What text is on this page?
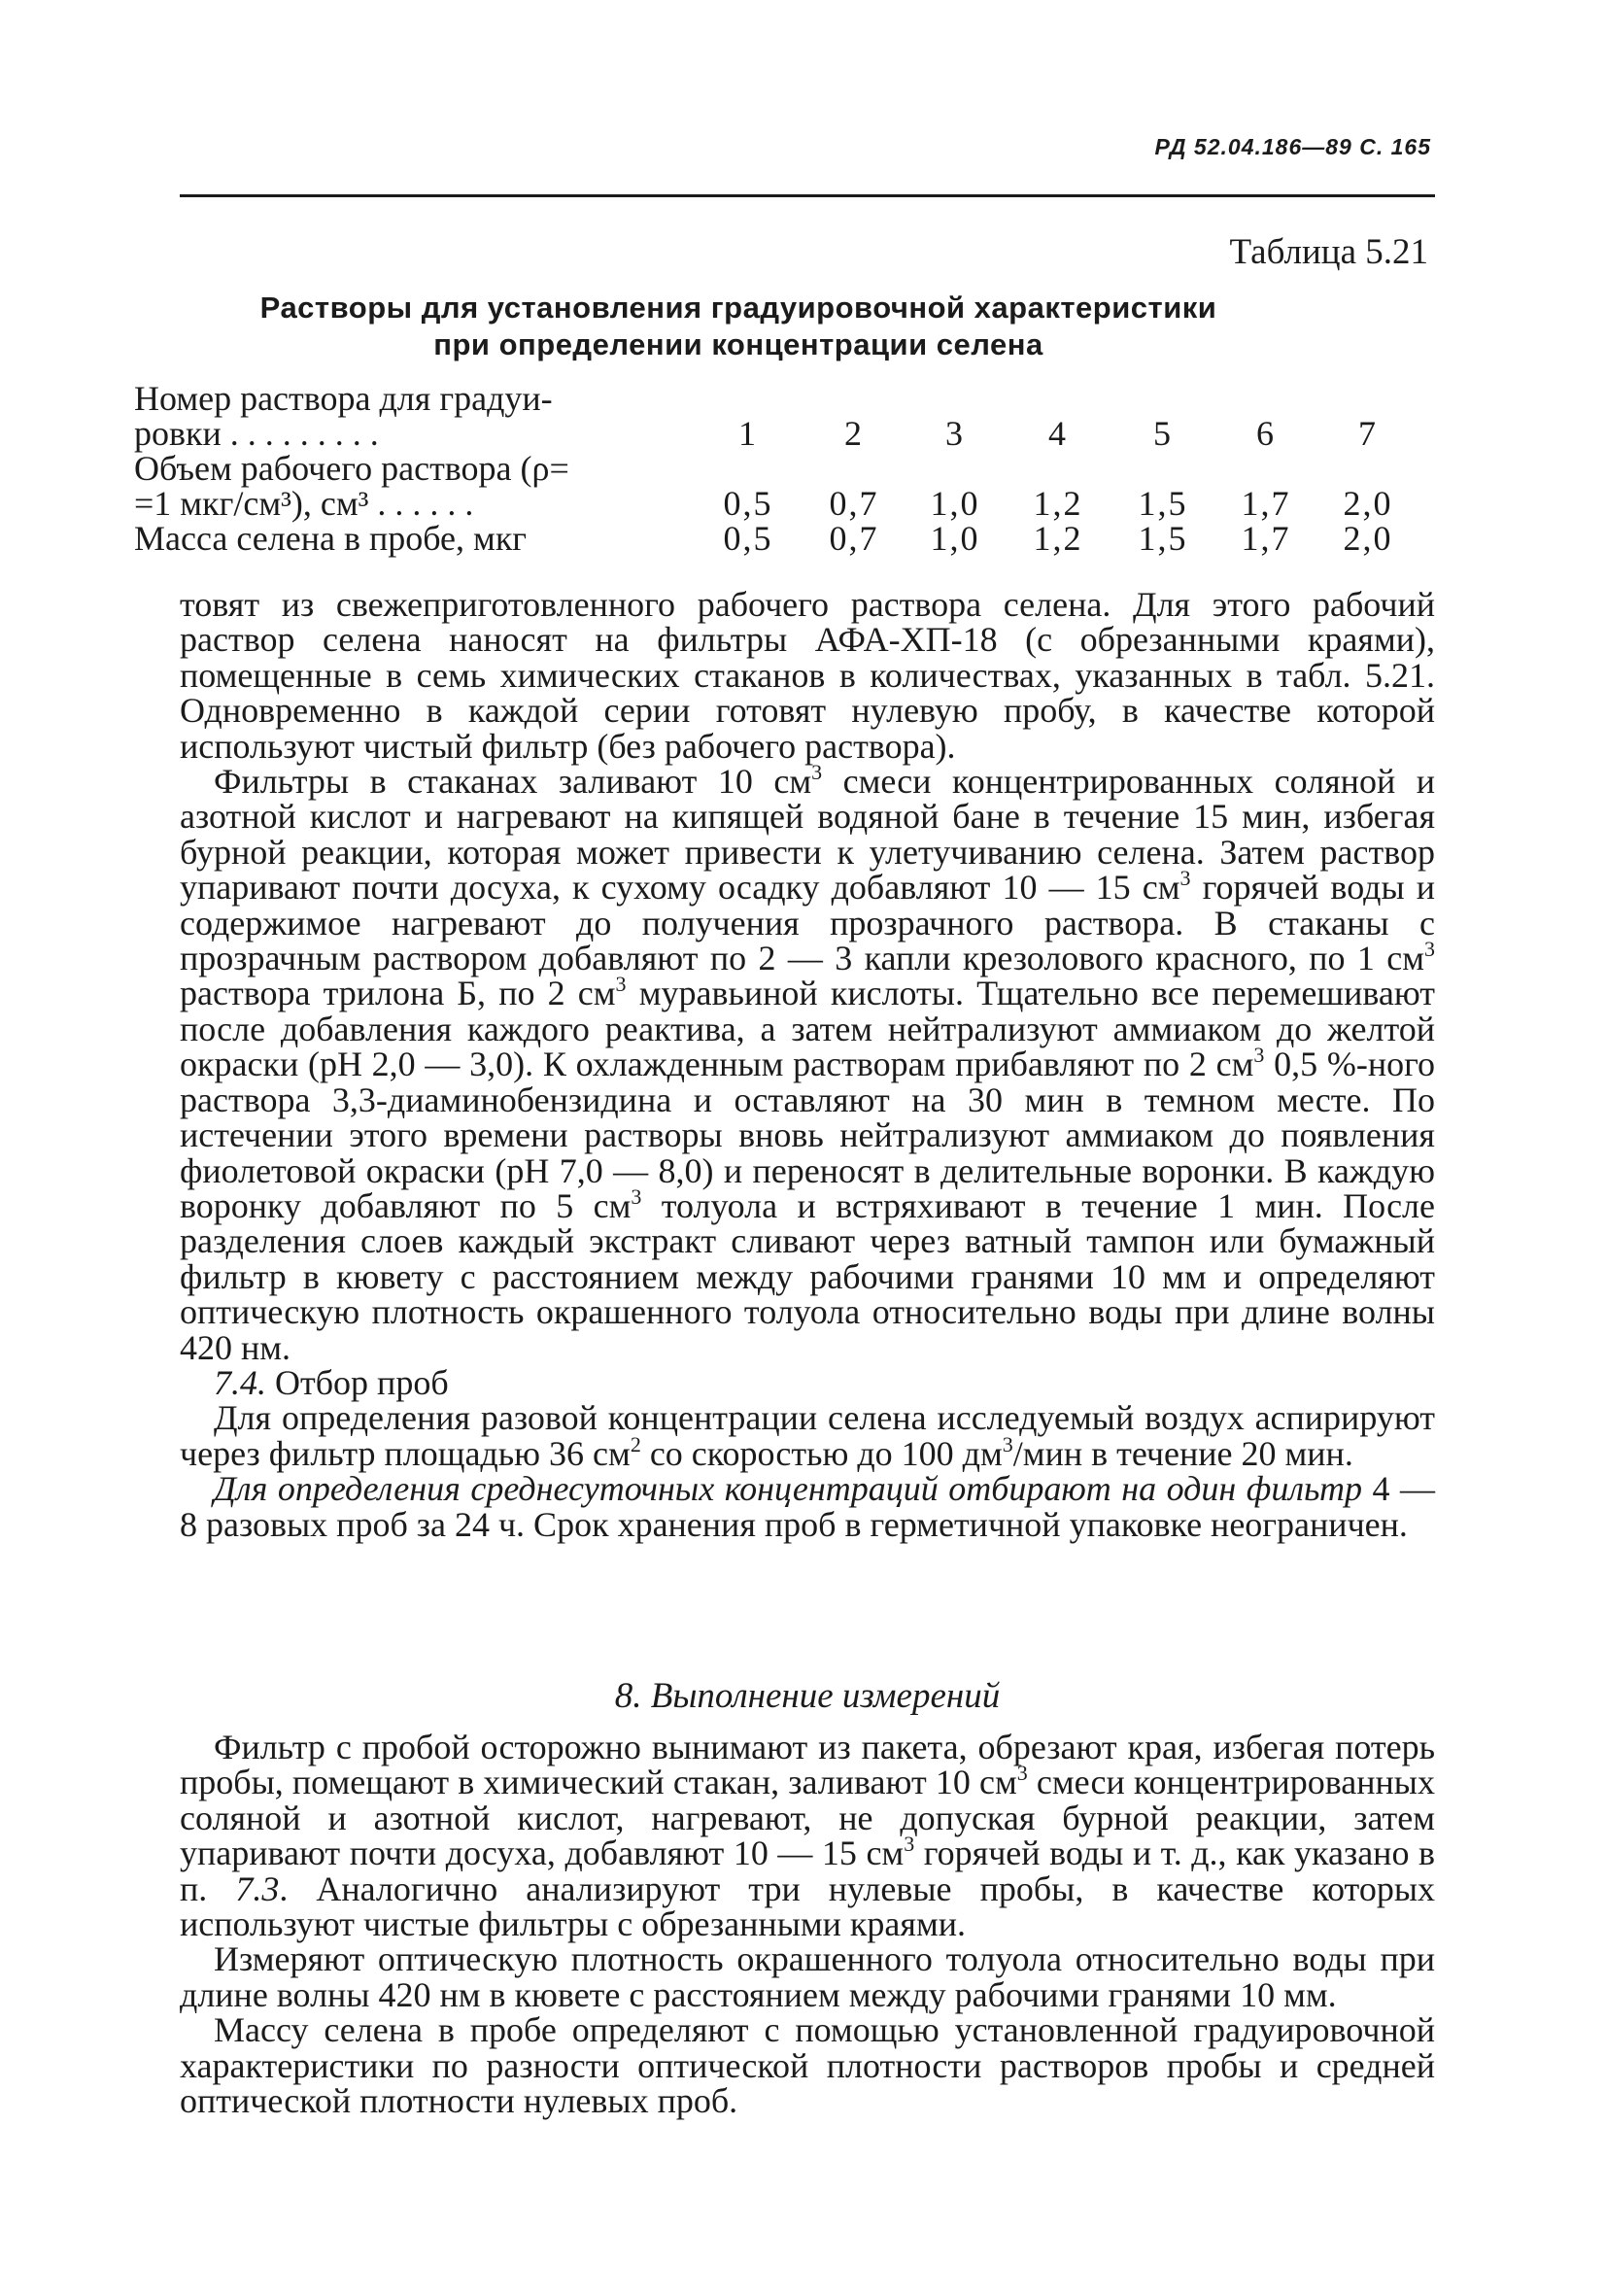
РД 52.04.186—89 С. 165
Таблица 5.21
Растворы для установления градуировочной характеристики
при определении концентрации селена
Номер раствора для градуи-
ровки . . . . . . . . .	1	2	3	4	5	6	7
Объем рабочего раствора (ρ=
=1 мкг/см³), см³ . . . . . .	0,5	0,7	1,0	1,2	1,5	1,7	2,0
Масса селена в пробе, мкг	0,5	0,7	1,0	1,2	1,5	1,7	2,0

товят из свежеприготовленного рабочего раствора селена. Для этого рабочий раствор селена наносят на фильтры АФА-ХП-18 (с обрезанными краями), помещенные в семь химических стаканов в количествах, указанных в табл. 5.21. Одновременно в каждой серии готовят нулевую пробу, в качестве которой используют чистый фильтр (без рабочего раствора).

Фильтры в стаканах заливают 10 $см^3$ смеси концентрированных соляной и азотной кислот и нагревают на кипящей водяной бане в течение 15 мин, избегая бурной реакции, которая может привести к улетучиванию селена. Затем раствор упаривают почти досуха, к сухому осадку добавляют 10 — 15 $см^3$ горячей воды и содержимое нагревают до получения прозрачного раствора. В стаканы с прозрачным раствором добавляют по 2 — 3 капли крезолового красного, по 1 $см^3$ раствора трилона Б, по 2 $см^3$ муравьиной кислоты. Тщательно все перемешивают после добавления каждого реактива, а затем нейтрализуют аммиаком до желтой окраски (рН 2,0 — 3,0). К охлажденным растворам прибавляют по 2 $см^3$ 0,5 %-ного раствора 3,3-диаминобензидина и оставляют на 30 мин в темном месте. По истечении этого времени растворы вновь нейтрализуют аммиаком до появления фиолетовой окраски (рН 7,0 — 8,0) и переносят в делительные воронки. В каждую воронку добавляют по 5 $см^3$ толуола и встряхивают в течение 1 мин. После разделения слоев каждый экстракт сливают через ватный тампон или бумажный фильтр в кювету с расстоянием между рабочими гранями 10 мм и определяют оптическую плотность окрашенного толуола относительно воды при длине волны 420 нм.

7.4. Отбор проб

Для определения разовой концентрации селена исследуемый воздух аспирируют через фильтр площадью 36 $см^2$ со скоростью до 100 $дм^3$/мин в течение 20 мин.

Для определения среднесуточных концентраций отбирают на один фильтр 4 — 8 разовых проб за 24 ч. Срок хранения проб в герметичной упаковке неограничен.

8. Выполнение измерений

Фильтр с пробой осторожно вынимают из пакета, обрезают края, избегая потерь пробы, помещают в химический стакан, заливают 10 $см^3$ смеси концентрированных соляной и азотной кислот, нагревают, не допуская бурной реакции, затем упаривают почти досуха, добавляют 10 — 15 $см^3$ горячей воды и т. д., как указано в п. 7.3. Аналогично анализируют три нулевые пробы, в качестве которых используют чистые фильтры с обрезанными краями.

Измеряют оптическую плотность окрашенного толуола относительно воды при длине волны 420 нм в кювете с расстоянием между рабочими гранями 10 мм.

Массу селена в пробе определяют с помощью установленной градуировочной характеристики по разности оптической плотности растворов пробы и средней оптической плотности нулевых проб.
